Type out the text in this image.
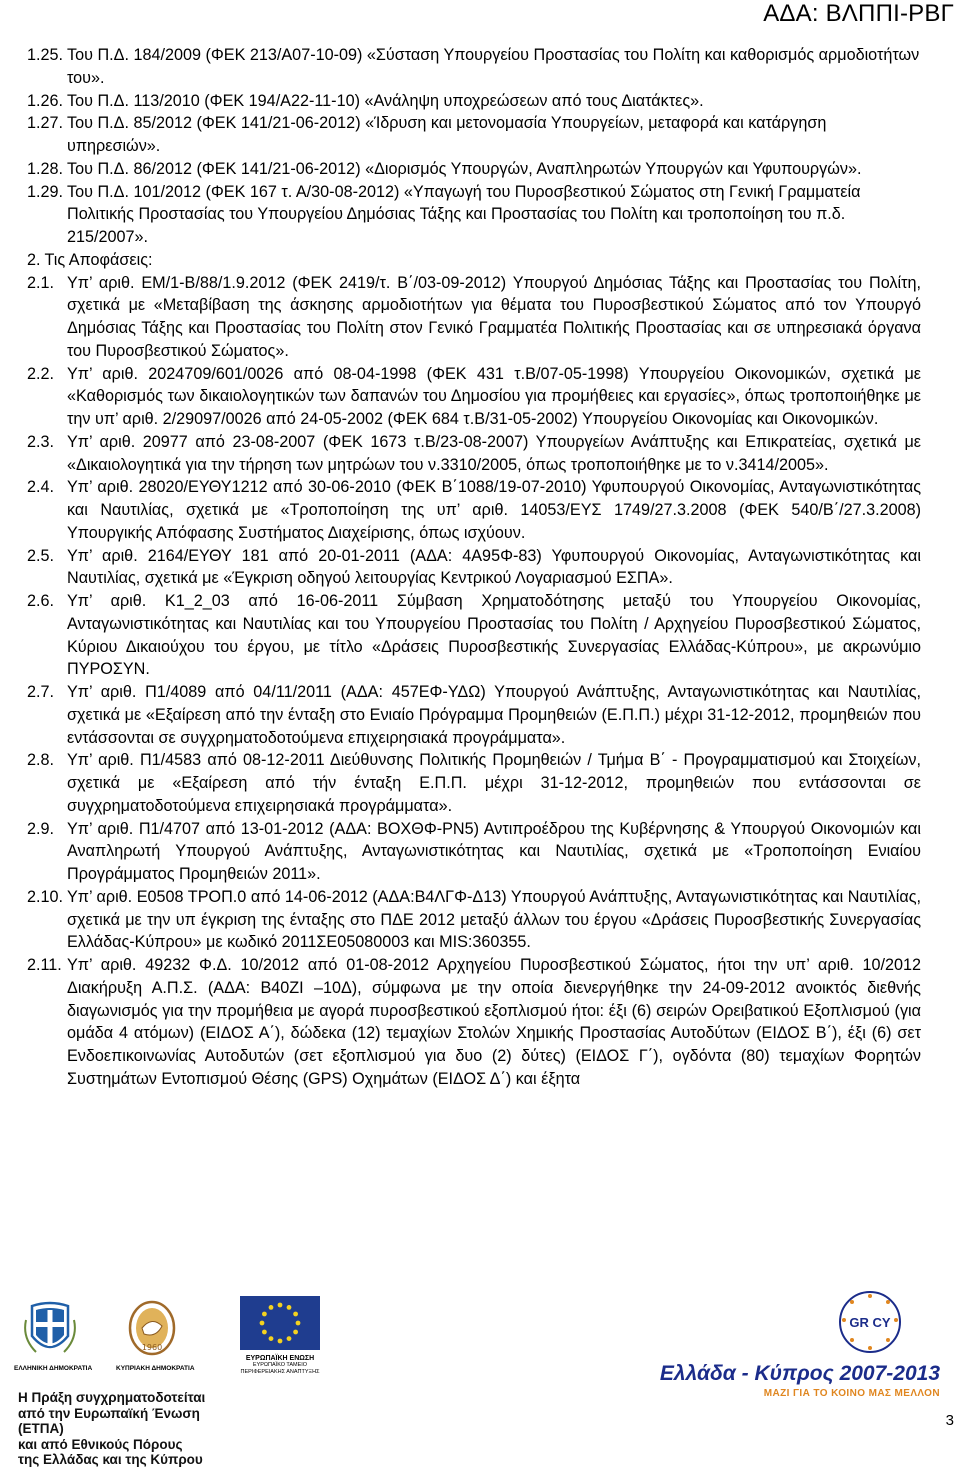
ΑΔΑ: ΒΛΠΠΙ-ΡΒΓ
1.25. Του Π.Δ. 184/2009 (ΦΕΚ 213/Α07-10-09) «Σύσταση Υπουργείου Προστασίας του Πολίτη και καθορισμός αρμοδιοτήτων του».
1.26. Του Π.Δ. 113/2010 (ΦΕΚ 194/Α22-11-10) «Ανάληψη υποχρεώσεων από τους Διατάκτες».
1.27. Του Π.Δ. 85/2012 (ΦΕΚ 141/21-06-2012) «Ίδρυση και μετονομασία Υπουργείων, μεταφορά και κατάργηση υπηρεσιών».
1.28. Του Π.Δ. 86/2012 (ΦΕΚ 141/21-06-2012) «Διορισμός Υπουργών, Αναπληρωτών Υπουργών και Υφυπουργών».
1.29. Του Π.Δ. 101/2012 (ΦΕΚ 167 τ. Α/30-08-2012) «Υπαγωγή του Πυροσβεστικού Σώματος στη Γενική Γραμματεία Πολιτικής Προστασίας του Υπουργείου Δημόσιας Τάξης και Προστασίας του Πολίτη και τροποποίηση του π.δ. 215/2007».
2. Τις Αποφάσεις:
2.1. Υπ’ αριθ. ΕΜ/1-Β/88/1.9.2012 (ΦΕΚ 2419/τ. Β΄/03-09-2012) Υπουργού Δημόσιας Τάξης και Προστασίας του Πολίτη, σχετικά με «Μεταβίβαση της άσκησης αρμοδιοτήτων για θέματα του Πυροσβεστικού Σώματος από τον Υπουργό Δημόσιας Τάξης και Προστασίας του Πολίτη στον Γενικό Γραμματέα Πολιτικής Προστασίας και σε υπηρεσιακά όργανα του Πυροσβεστικού Σώματος».
2.2. Υπ’ αριθ. 2024709/601/0026 από 08-04-1998 (ΦΕΚ 431 τ.Β/07-05-1998) Υπουργείου Οικονομικών, σχετικά με «Καθορισμός των δικαιολογητικών των δαπανών του Δημοσίου για προμήθειες και εργασίες», όπως τροποποιήθηκε με την υπ’ αριθ. 2/29097/0026 από 24-05-2002 (ΦΕΚ 684 τ.Β/31-05-2002) Υπουργείου Οικονομίας και Οικονομικών.
2.3. Υπ’ αριθ. 20977 από 23-08-2007 (ΦΕΚ 1673 τ.Β/23-08-2007) Υπουργείων Ανάπτυξης και Επικρατείας, σχετικά με «Δικαιολογητικά για την τήρηση των μητρώων του ν.3310/2005, όπως τροποποιήθηκε με το ν.3414/2005».
2.4. Υπ’ αριθ. 28020/ΕΥΘΥ1212 από 30-06-2010 (ΦΕΚ Β΄1088/19-07-2010) Υφυπουργού Οικονομίας, Ανταγωνιστικότητας και Ναυτιλίας, σχετικά με «Τροποποίηση της υπ’ αριθ. 14053/ΕΥΣ 1749/27.3.2008 (ΦΕΚ 540/Β΄/27.3.2008) Υπουργικής Απόφασης Συστήματος Διαχείρισης, όπως ισχύουν.
2.5. Υπ’ αριθ. 2164/ΕΥΘΥ 181 από 20-01-2011 (ΑΔΑ: 4Α95Φ-83) Υφυπουργού Οικονομίας, Ανταγωνιστικότητας και Ναυτιλίας, σχετικά με «Έγκριση οδηγού λειτουργίας Κεντρικού Λογαριασμού ΕΣΠΑ».
2.6. Υπ’ αριθ. Κ1_2_03 από 16-06-2011 Σύμβαση Χρηματοδότησης μεταξύ του Υπουργείου Οικονομίας, Ανταγωνιστικότητας και Ναυτιλίας και του Υπουργείου Προστασίας του Πολίτη / Αρχηγείου Πυροσβεστικού Σώματος, Κύριου Δικαιούχου του έργου, με τίτλο «Δράσεις Πυροσβεστικής Συνεργασίας Ελλάδας-Κύπρου», με ακρωνύμιο ΠΥΡΟΣΥΝ.
2.7. Υπ’ αριθ. Π1/4089 από 04/11/2011 (ΑΔΑ: 457ΕΦ-ΥΔΩ) Υπουργού Ανάπτυξης, Ανταγωνιστικότητας και Ναυτιλίας, σχετικά με «Εξαίρεση από την ένταξη στο Ενιαίο Πρόγραμμα Προμηθειών (Ε.Π.Π.) μέχρι 31-12-2012, προμηθειών που εντάσσονται σε συγχρηματοδοτούμενα επιχειρησιακά προγράμματα».
2.8. Υπ’ αριθ. Π1/4583 από 08-12-2011 Διεύθυνσης Πολιτικής Προμηθειών / Τμήμα Β΄ - Προγραμματισμού και Στοιχείων, σχετικά με «Εξαίρεση από τήν ένταξη Ε.Π.Π. μέχρι 31-12-2012, προμηθειών που εντάσσονται σε συγχρηματοδοτούμενα επιχειρησιακά προγράμματα».
2.9. Υπ’ αριθ. Π1/4707 από 13-01-2012 (ΑΔΑ: ΒΟΧΘΦ-ΡΝ5) Αντιπροέδρου της Κυβέρνησης & Υπουργού Οικονομιών και Αναπληρωτή Υπουργού Ανάπτυξης, Ανταγωνιστικότητας και Ναυτιλίας, σχετικά με «Τροποποίηση Ενιαίου Προγράμματος Προμηθειών 2011».
2.10. Υπ’ αριθ. Ε0508 ΤΡΟΠ.0 από 14-06-2012 (ΑΔΑ:Β4ΛΓΦ-Δ13) Υπουργού Ανάπτυξης, Ανταγωνιστικότητας και Ναυτιλίας, σχετικά με την υπ έγκριση της ένταξης στο ΠΔΕ 2012 μεταξύ άλλων του έργου «Δράσεις Πυροσβεστικής Συνεργασίας Ελλάδας-Κύπρου» με κωδικό 2011ΣΕ05080003 και MIS:360355.
2.11. Υπ’ αριθ. 49232 Φ.Δ. 10/2012 από 01-08-2012 Αρχηγείου Πυροσβεστικού Σώματος, ήτοι την υπ’ αριθ. 10/2012 Διακήρυξη Α.Π.Σ. (ΑΔΑ: Β40ΖΙ –10Δ), σύμφωνα με την οποία διενεργήθηκε την 24-09-2012 ανοικτός διεθνής διαγωνισμός για την προμήθεια με αγορά πυροσβεστικού εξοπλισμού ήτοι: έξι (6) σειρών Ορειβατικού Εξοπλισμού (για ομάδα 4 ατόμων) (ΕΙΔΟΣ Α΄), δώδεκα (12) τεμαχίων Στολών Χημικής Προστασίας Αυτοδύτων (ΕΙΔΟΣ Β΄), έξι (6) σετ Ενδοεπικοινωνίας Αυτοδυτών (σετ εξοπλισμού για δυο (2) δύτες) (ΕΙΔΟΣ Γ΄), ογδόντα (80) τεμαχίων Φορητών Συστημάτων Εντοπισμού Θέσης (GPS) Οχημάτων (ΕΙΔΟΣ Δ΄) και έξητα
ΕΛΛΗΝΙΚΗ ΔΗΜΟΚΡΑΤΙΑ
1960
ΚΥΠΡΙΑΚΗ ΔΗΜΟΚΡΑΤΙΑ
ΕΥΡΩΠΑΪΚΗ ΕΝΩΣΗ
ΕΥΡΩΠΑΪΚΟ ΤΑΜΕΙΟ ΠΕΡΙΦΕΡΕΙΑΚΗΣ ΑΝΑΠΤΥΞΗΣ
Η Πράξη συγχρηματοδοτείται
από την Ευρωπαϊκή Ένωση (ΕΤΠΑ)
και από Εθνικούς Πόρους
της Ελλάδας και της Κύπρου
GR CY
Ελλάδα - Κύπρος 2007-2013
ΜΑΖΙ ΓΙΑ ΤΟ ΚΟΙΝΟ ΜΑΣ ΜΕΛΛΟΝ
3
